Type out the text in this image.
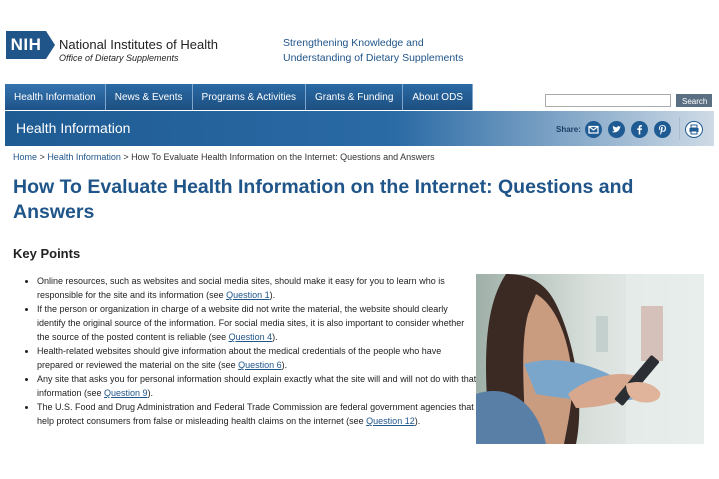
NIH	National Institutes of Health
Office of Dietary Supplements
Strengthening Knowledge and
Understanding of Dietary Supplements
Health Information	News & Events	Programs & Activities	Grants & Funding	About ODS	Search
Health Information	Share:
Home > Health Information > How To Evaluate Health Information on the Internet: Questions and Answers
How To Evaluate Health Information on the Internet: Questions and Answers
Key Points
• Online resources, such as websites and social media sites, should make it easy for you to learn who is responsible for the site and its information (see Question 1).
• If the person or organization in charge of a website did not write the material, the website should clearly identify the original source of the information. For social media sites, it is also important to consider whether the source of the posted content is reliable (see Question 4).
• Health-related websites should give information about the medical credentials of the people who have prepared or reviewed the material on the site (see Question 6).
• Any site that asks you for personal information should explain exactly what the site will and will not do with that information (see Question 9).
• The U.S. Food and Drug Administration and Federal Trade Commission are federal government agencies that help protect consumers from false or misleading health claims on the internet (see Question 12).
